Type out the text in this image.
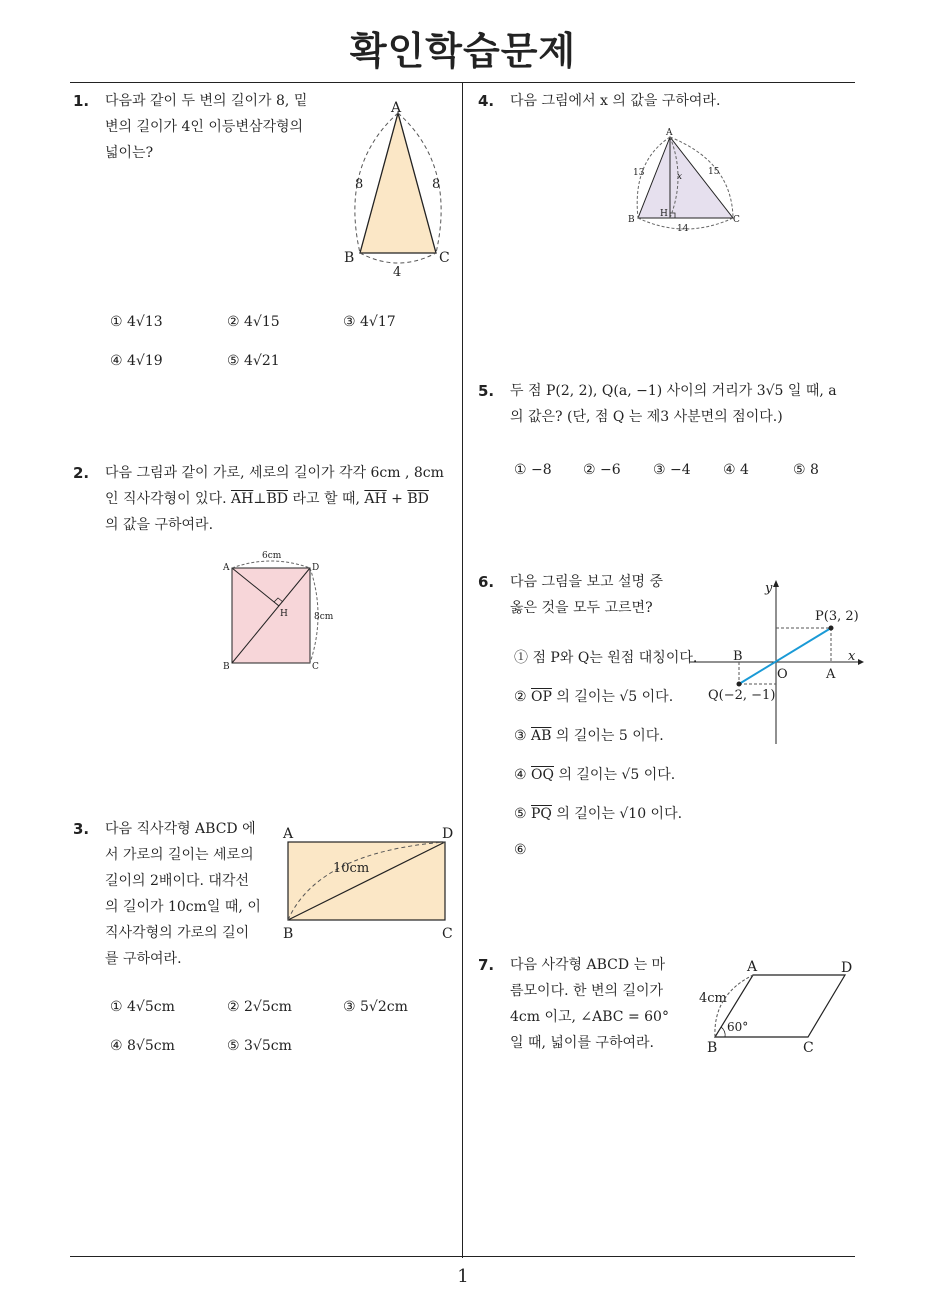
확인학습문제
1
1. 다음과 같이 두 변의 길이가 8, 밑
변의 길이가 4인 이등변삼각형의
넓이는?
A
B	C
8	8
4
① 4√13	② 4√15	③ 4√17
④ 4√19	⑤ 4√21
2. 다음 그림과 같이 가로, 세로의 길이가 각각 6cm , 8cm
인 직사각형이 있다. $\overline{AH}\perp\overline{BD}$ 라고 할 때, $\overline{AH} + \overline{BD}$
의 값을 구하여라.
A
B	C
D
H
6cm
8cm
3. 다음 직사각형 ABCD 에
서 가로의 길이는 세로의
길이의 2배이다. 대각선
의 길이가 10cm일 때, 이
직사각형의 가로의 길이
를 구하여라.
A
B	C
D
10cm
① 4√5cm	② 2√5cm	③ 5√2cm
④ 8√5cm	⑤ 3√5cm
4. 다음 그림에서 x 의 값을 구하여라.
A
B	C
H
13	15
14
x
5. 두 점 P(2, 2), Q(a, −1) 사이의 거리가 3√5 일 때, a
의 값은? (단, 점 Q 는 제3 사분면의 점이다.)
① −8 ② −6 ③ −4 ④ 4	⑤ 8
6. 다음 그림을 보고 설명 중
옳은 것을 모두 고르면?
y
x
P(3, 2)
Q(−2, −1)
O	A
B
① 점 P와 Q는 원점 대칭이다.
② $\overline{OP}$ 의 길이는 √5 이다.
③ $\overline{AB}$ 의 길이는 5 이다.
④ $\overline{OQ}$ 의 길이는 √5 이다.
⑤ $\overline{PQ}$ 의 길이는 √10 이다.
⑥
7. 다음 사각형 ABCD 는 마
름모이다. 한 변의 길이가
4cm 이고, ∠ABC = 60°
일 때, 넓이를 구하여라.
A
B	C
D
4cm
60°
